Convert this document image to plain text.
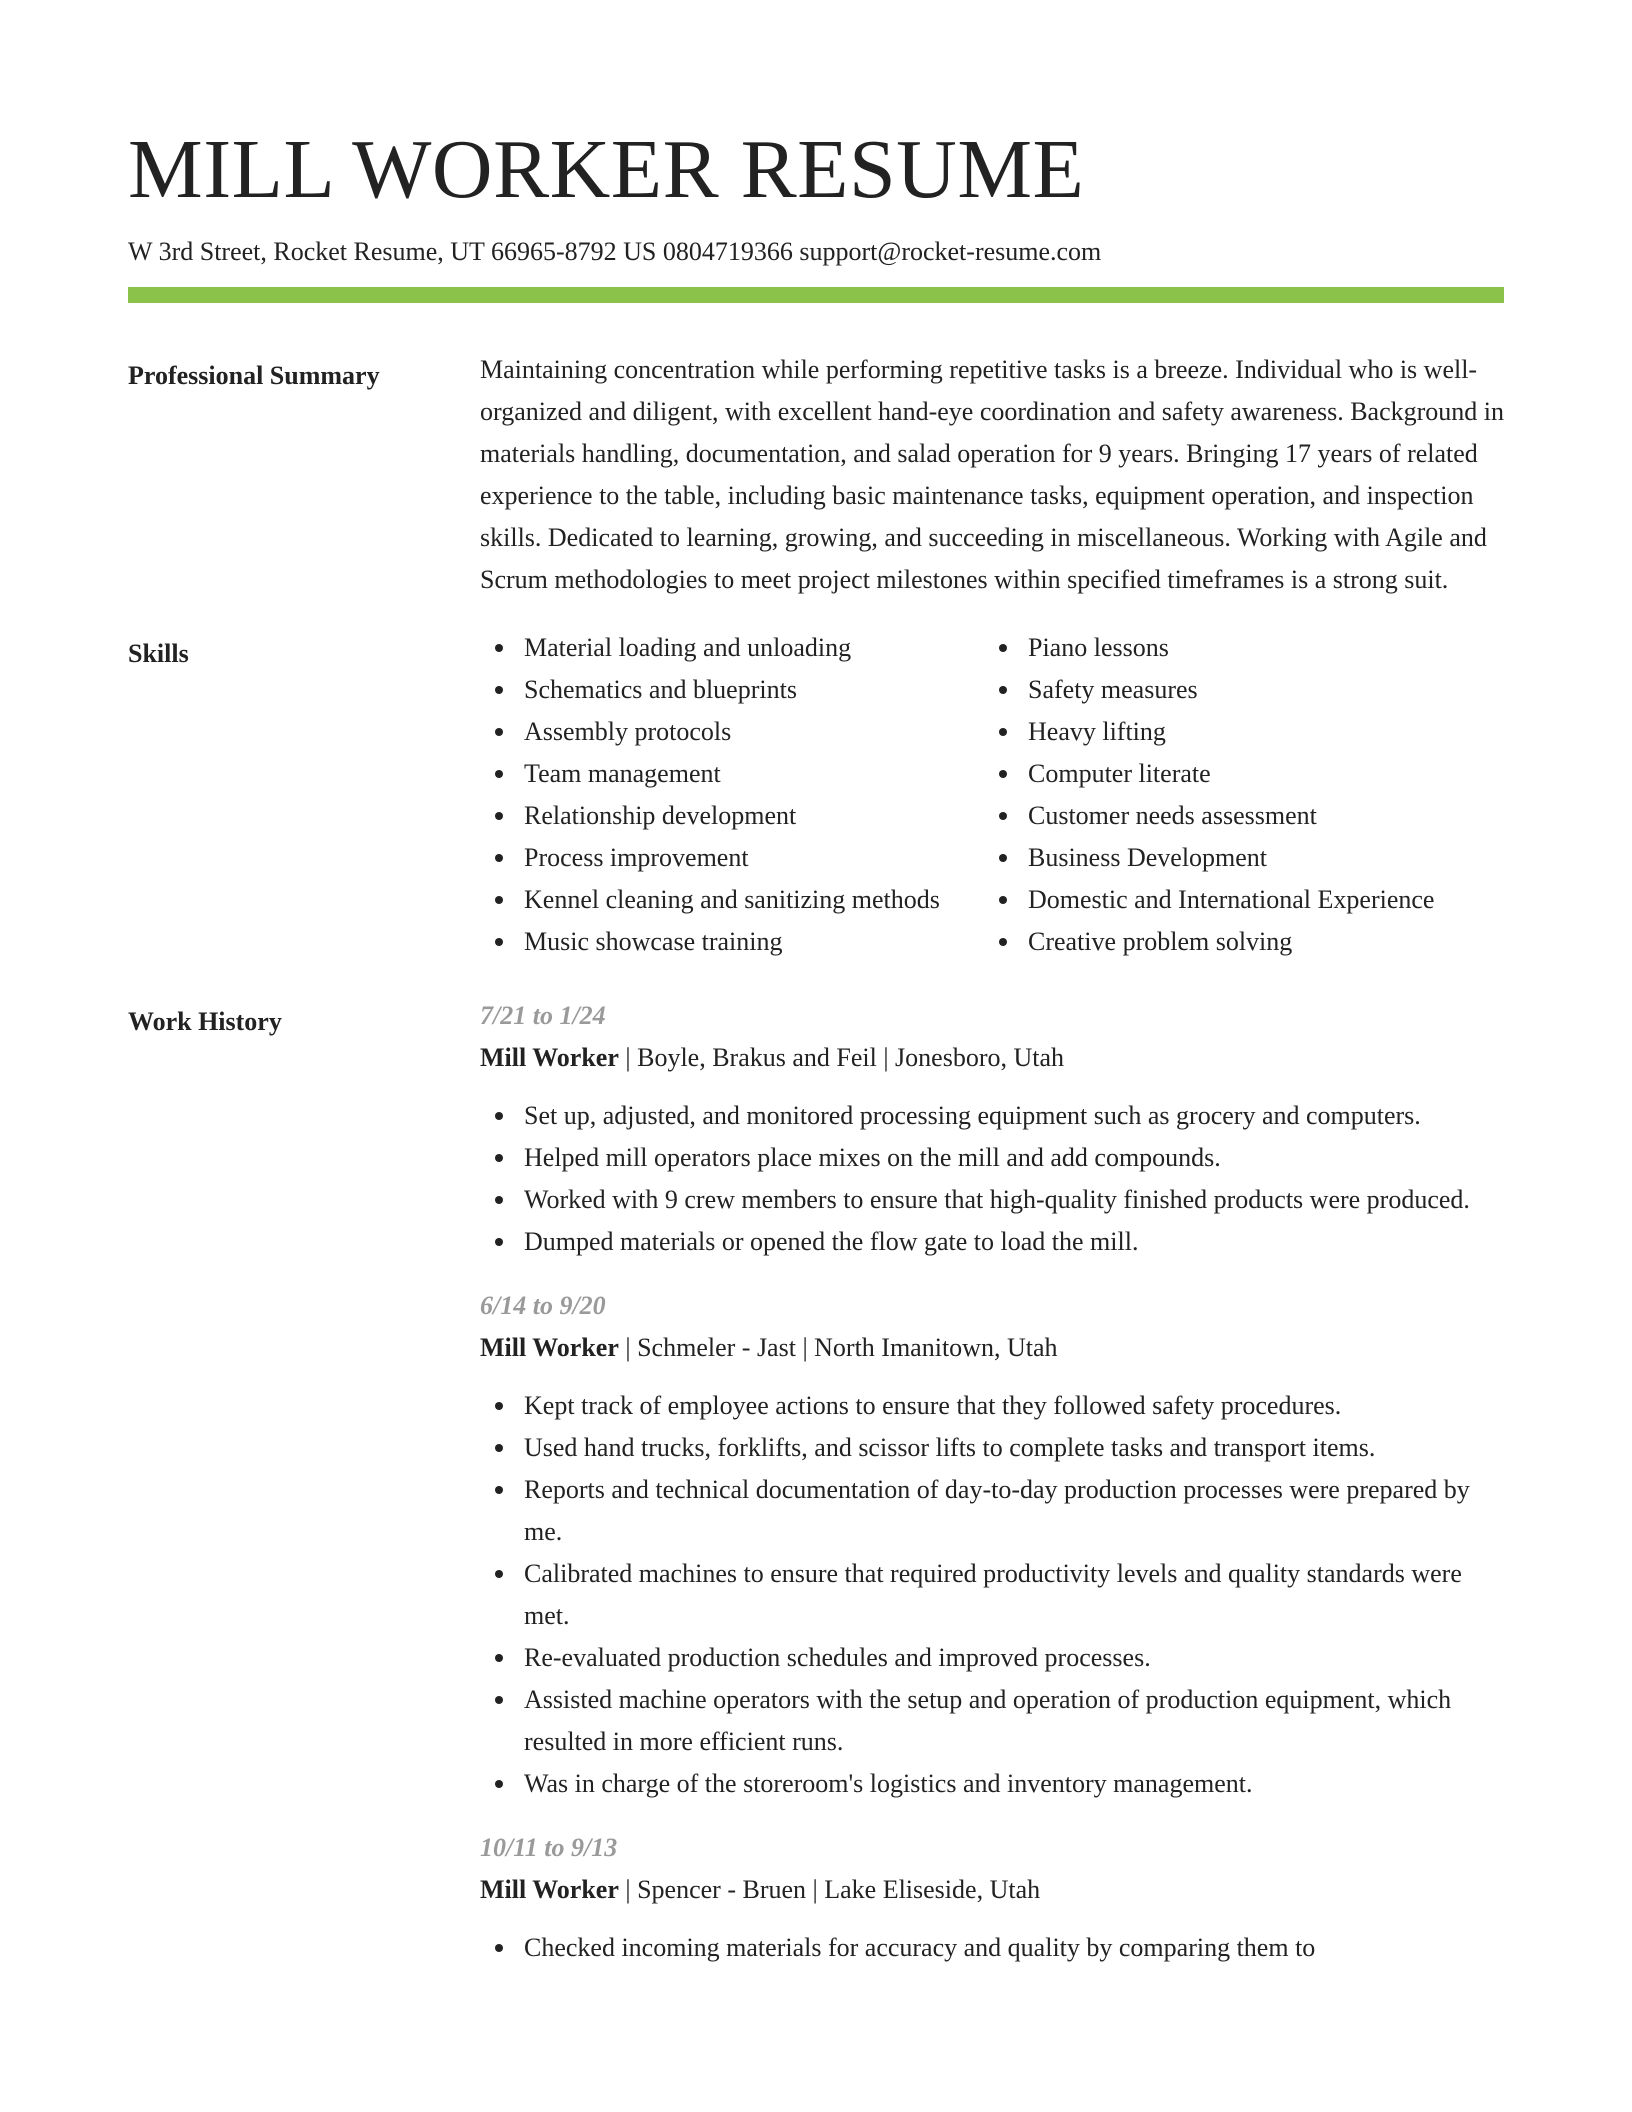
MILL WORKER RESUME
W 3rd Street, Rocket Resume, UT 66965-8792 US 0804719366 support@rocket-resume.com
Professional Summary	Maintaining concentration while performing repetitive tasks is a breeze. Individual who is well-organized and diligent, with excellent hand-eye coordination and safety awareness. Background in materials handling, documentation, and salad operation for 9 years. Bringing 17 years of related experience to the table, including basic maintenance tasks, equipment operation, and inspection skills. Dedicated to learning, growing, and succeeding in miscellaneous. Working with Agile and Scrum methodologies to meet project milestones within specified timeframes is a strong suit.

Skills	Material loading and unloading
Schematics and blueprints
Assembly protocols
Team management
Relationship development
Process improvement
Kennel cleaning and sanitizing methods
Music showcase training
Piano lessons
Safety measures
Heavy lifting
Computer literate
Customer needs assessment
Business Development
Domestic and International Experience
Creative problem solving
Work History	7/21 to 1/24
Mill Worker | Boyle, Brakus and Feil | Jonesboro, Utah
Set up, adjusted, and monitored processing equipment such as grocery and computers.
Helped mill operators place mixes on the mill and add compounds.
Worked with 9 crew members to ensure that high-quality finished products were produced.
Dumped materials or opened the flow gate to load the mill.
6/14 to 9/20
Mill Worker | Schmeler - Jast | North Imanitown, Utah
Kept track of employee actions to ensure that they followed safety procedures.
Used hand trucks, forklifts, and scissor lifts to complete tasks and transport items.
Reports and technical documentation of day-to-day production processes were prepared by me.
Calibrated machines to ensure that required productivity levels and quality standards were met.
Re-evaluated production schedules and improved processes.
Assisted machine operators with the setup and operation of production equipment, which resulted in more efficient runs.
Was in charge of the storeroom's logistics and inventory management.
10/11 to 9/13
Mill Worker | Spencer - Bruen | Lake Eliseside, Utah
Checked incoming materials for accuracy and quality by comparing them to
